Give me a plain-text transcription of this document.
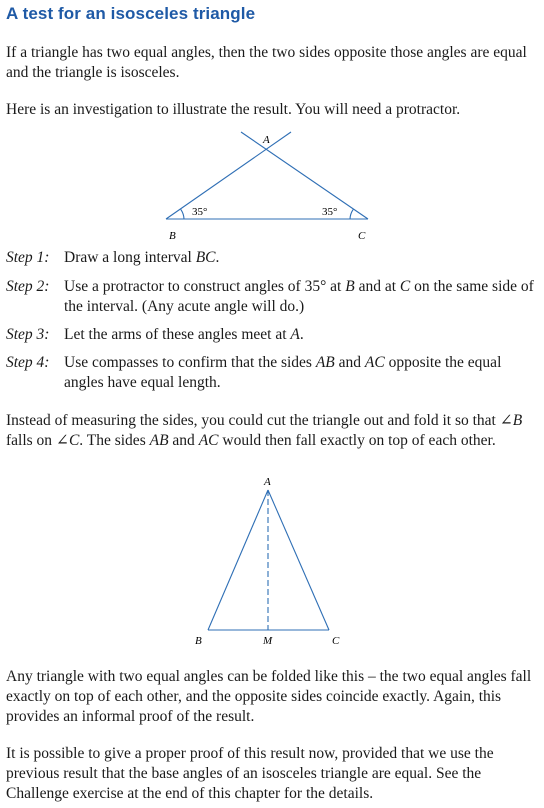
A test for an isosceles triangle

If a triangle has two equal angles, then the two sides opposite those angles are equal and the triangle is isosceles.

Here is an investigation to illustrate the result. You will need a protractor.

A
35°	35°
B	C
Step 1: Draw a long interval BC.
Step 2: Use a protractor to construct angles of 35° at B and at C on the same side of the interval. (Any acute angle will do.)
Step 3: Let the arms of these angles meet at A.
Step 4: Use compasses to confirm that the sides AB and AC opposite the equal angles have equal length.

Instead of measuring the sides, you could cut the triangle out and fold it so that ∠B falls on ∠C. The sides AB and AC would then fall exactly on top of each other.

A
B	M	C

Any triangle with two equal angles can be folded like this – the two equal angles fall exactly on top of each other, and the opposite sides coincide exactly. Again, this provides an informal proof of the result.

It is possible to give a proper proof of this result now, provided that we use the previous result that the base angles of an isosceles triangle are equal. See the Challenge exercise at the end of this chapter for the details.
